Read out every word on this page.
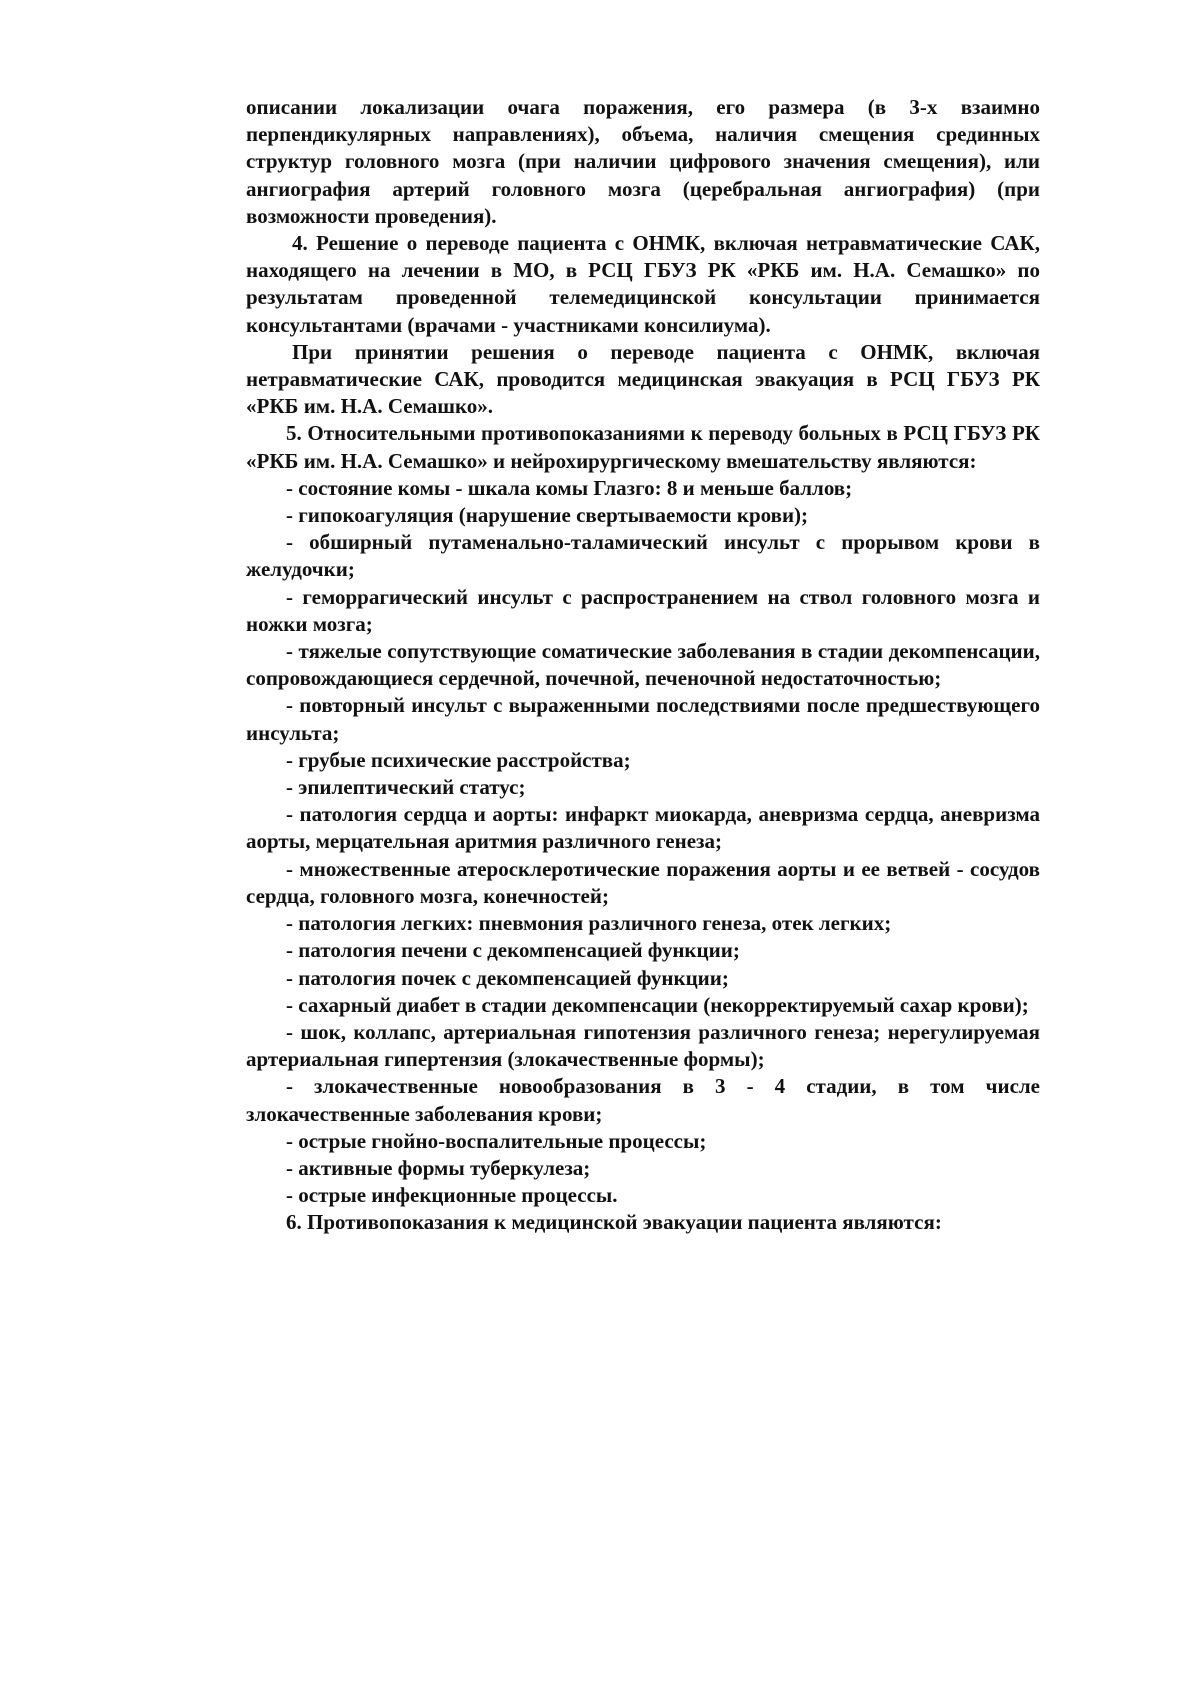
описании локализации очага поражения, его размера (в 3-х взаимно перпендикулярных направлениях), объема, наличия смещения срединных структур головного мозга (при наличии цифрового значения смещения), или ангиография артерий головного мозга (церебральная ангиография) (при возможности проведения).

4. Решение о переводе пациента с ОНМК, включая нетравматические САК, находящего на лечении в МО, в РСЦ ГБУЗ РК «РКБ им. Н.А. Семашко» по результатам проведенной телемедицинской консультации принимается консультантами (врачами - участниками консилиума).

При принятии решения о переводе пациента с ОНМК, включая нетравматические САК, проводится медицинская эвакуация в РСЦ ГБУЗ РК «РКБ им. Н.А. Семашко».

5. Относительными противопоказаниями к переводу больных в РСЦ ГБУЗ РК «РКБ им. Н.А. Семашко» и нейрохирургическому вмешательству являются:

- состояние комы - шкала комы Глазго: 8 и меньше баллов;

- гипокоагуляция (нарушение свертываемости крови);

- обширный путаменально-таламический инсульт с прорывом крови в желудочки;

- геморрагический инсульт с распространением на ствол головного мозга и ножки мозга;

- тяжелые сопутствующие соматические заболевания в стадии декомпенсации, сопровождающиеся сердечной, почечной, печеночной недостаточностью;

- повторный инсульт с выраженными последствиями после предшествующего инсульта;

- грубые психические расстройства;

- эпилептический статус;

- патология сердца и аорты: инфаркт миокарда, аневризма сердца, аневризма аорты, мерцательная аритмия различного генеза;

- множественные атеросклеротические поражения аорты и ее ветвей - сосудов сердца, головного мозга, конечностей;

- патология легких: пневмония различного генеза, отек легких;

- патология печени с декомпенсацией функции;

- патология почек с декомпенсацией функции;

- сахарный диабет в стадии декомпенсации (некорректируемый сахар крови);

- шок, коллапс, артериальная гипотензия различного генеза; нерегулируемая артериальная гипертензия (злокачественные формы);

- злокачественные новообразования в 3 - 4 стадии, в том числе злокачественные заболевания крови;

- острые гнойно-воспалительные процессы;

- активные формы туберкулеза;

- острые инфекционные процессы.

6. Противопоказания к медицинской эвакуации пациента являются:
